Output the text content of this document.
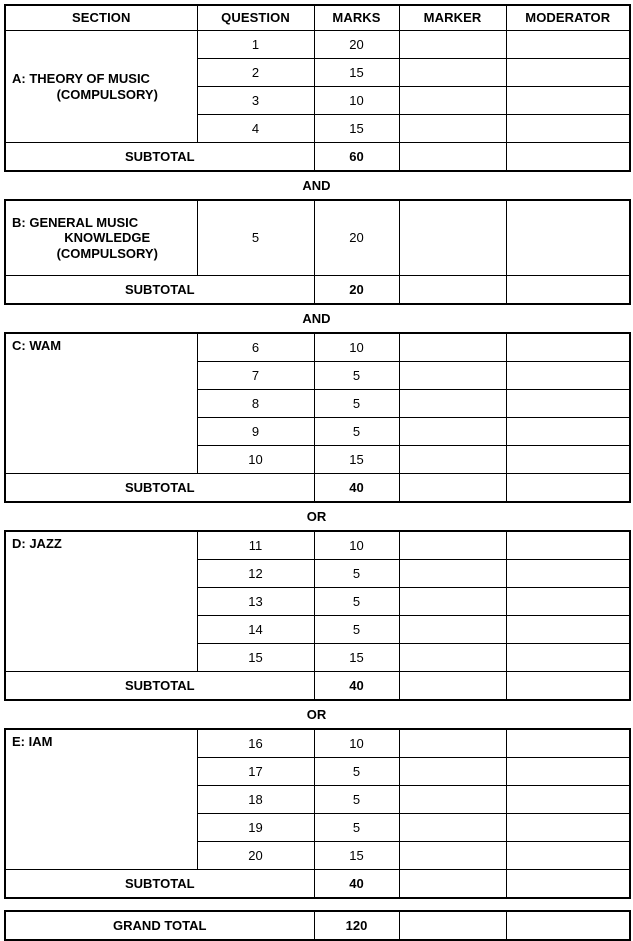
SECTION	QUESTION	MARKS	MARKER	MODERATOR

A: THEORY OF MUSIC
(COMPULSORY)	1	20		
	2	15		
	3	10		
	4	15		
SUBTOTAL		60		
AND
B: GENERAL MUSIC
KNOWLEDGE
(COMPULSORY)	5	20		
SUBTOTAL		20		
AND
C: WAM	6	10		
	7	5		
	8	5		
	9	5		
	10	15		
SUBTOTAL		40		
OR
D: JAZZ	11	10		
	12	5		
	13	5		
	14	5		
	15	15		
SUBTOTAL		40		
OR
E: IAM	16	10		
	17	5		
	18	5		
	19	5		
	20	15		
SUBTOTAL		40		
GRAND TOTAL	120		
